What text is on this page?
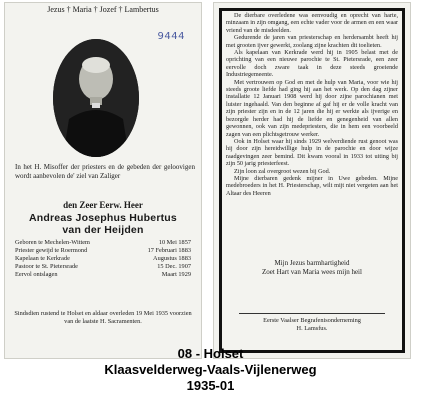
Jezus † Maria † Jozef † Lambertus
9444
In het H. Misoffer der priesters en de gebeden der geloovigen wordt aanbevolen de' ziel van Zaliger
den Zeer Eerw. Heer
Andreas Josephus Hubertus
van der Heijden
Geboren te Mechelen-Wittem	10 Mei 1857
Priester gewijd te Roermond	17 Februari 1883
Kapelaan te Kerkrade	Augustus 1883
Pastoor te St. Pietersrade	15 Dec. 1907
Eervol ontslagen	Maart 1929
Sindsdien rustend te Holset en aldaar overleden 19 Mei 1935 voorzien van de laatste H. Sacramenten.

De dierbare overledene was eenvoudig en oprecht van harte, minzaam in zijn omgang, een echte vader voor de armen en een waar vriend van de misdeelden.

Gedurende de jaren van priesterschap en herdersambt heeft hij met grooten ijver gewerkt, zoolang zijne krachten dit toelieten.

Als kapelaan van Kerkrade werd hij in 1905 belast met de oprichting van een nieuwe parochie te St. Pietersrade, een zeer eervolle doch zware taak in deze steeds groeiende Industriegemeente.

Met vertrouwen op God en met de hulp van Maria, voor wie hij steeds groote liefde had ging hij aan het werk. Op den dag zijner installatie 12 Januari 1908 werd hij door zijne parochianen met luister ingehaald. Van den beginne af gaf hij er de volle kracht van zijn priester zijn en in de 12 jaren die hij er werkte als ijverige en bezorgde herder had hij de liefde en genegenheid van allen gewonnen, ook van zijn medepriesters, die in hem een voorbeeld zagen van een plichtsgetrouw werker.

Ook in Holset waar hij sinds 1929 welverdiende rust genoot was hij door zijn hereidwillige hulp in de parochie en door wijze raadgevingen zeer bemind. Dit kwam vooral in 1933 tot uiting bij zijn 50 jarig priesterfeest.

Zijn loon zal overgroot wezen bij God.

Mijne dierbaren gedenk mijner in Uwe gebeden. Mijne medebroeders in het H. Priesterschap, wilt mijt niet vergeten aan het Altaar des Heeren

Mijn Jezus barmhartigheid

Zoet Hart van Maria wees mijn heil

Eerste Vaalser Begrafenisonderneming
H. Lamsfus.
08 - Holset
Klaasvelderweg-Vaals-Vijlenerweg
1935-01
